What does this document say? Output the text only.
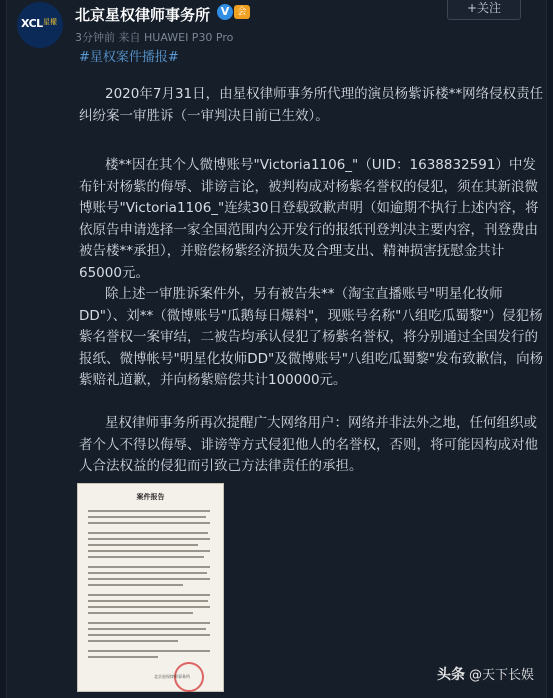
XCL 星權 北京星权律师事务所 V 会
3分钟前 来自 HUAWEI P30 Pro
+关注
#星权案件播报#

2020年7月31日，由星权律师事务所代理的演员杨紫诉楼**网络侵权责任纠纷案一审胜诉（一审判决目前已生效）。

楼**因在其个人微博账号"Victoria1106_"（UID：1638832591）中发布针对杨紫的侮辱、诽谤言论，被判构成对杨紫名誉权的侵犯，须在其新浪微博账号"Victoria1106_"连续30日登载致歉声明（如逾期不执行上述内容，将依原告申请选择一家全国范围内公开发行的报纸刊登判决主要内容，刊登费由被告楼**承担），并赔偿杨紫经济损失及合理支出、精神损害抚慰金共计65000元。

除上述一审胜诉案件外，另有被告朱**（淘宝直播账号"明星化妆师DD"）、刘**（微博账号"瓜鹅每日爆料"，现账号名称"八组吃瓜蜀黎"）侵犯杨紫名誉权一案审结，二被告均承认侵犯了杨紫名誉权，将分别通过全国发行的报纸、微博帐号"明星化妆师DD"及微博账号"八组吃瓜蜀黎"发布致歉信，向杨紫赔礼道歉，并向杨紫赔偿共计100000元。

星权律师事务所再次提醒广大网络用户：网络并非法外之地，任何组织或者个人不得以侮辱、诽谤等方式侵犯他人的名誉权，否则，将可能因构成对他人合法权益的侵犯而引致己方法律责任的承担。

案件报告
北京星权律师事务所	头条 @天下长娱
